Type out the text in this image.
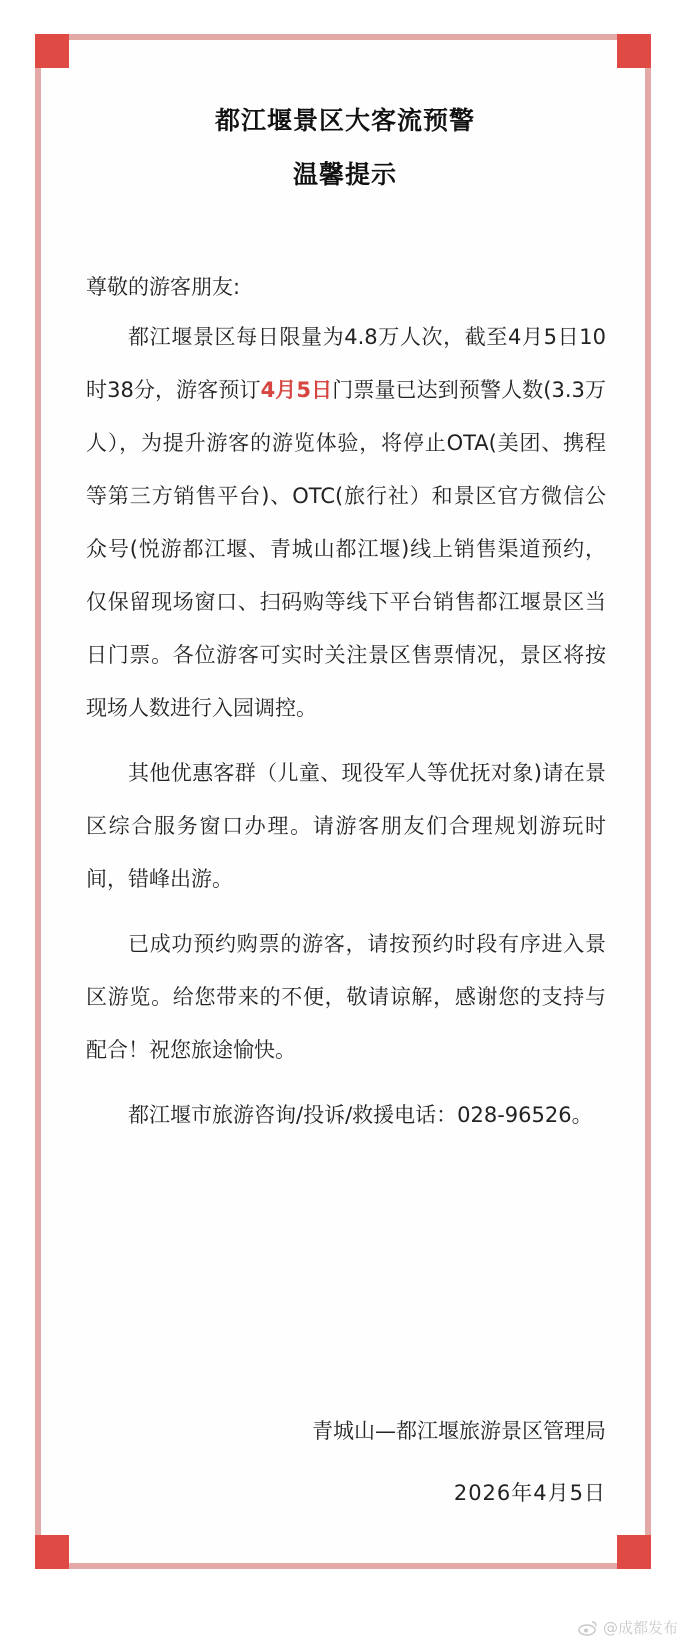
都江堰景区大客流预警
温馨提示

尊敬的游客朋友:

都江堰景区每日限量为4.8万人次，截至4月5日10时38分，游客预订4月5日门票量已达到预警人数(3.3万人），为提升游客的游览体验，将停止OTA(美团、携程等第三方销售平台)、OTC(旅行社）和景区官方微信公众号(悦游都江堰、青城山都江堰)线上销售渠道预约，仅保留现场窗口、扫码购等线下平台销售都江堰景区当日门票。各位游客可实时关注景区售票情况，景区将按现场人数进行入园调控。

其他优惠客群（儿童、现役军人等优抚对象)请在景区综合服务窗口办理。请游客朋友们合理规划游玩时间，错峰出游。

已成功预约购票的游客，请按预约时段有序进入景区游览。给您带来的不便，敬请谅解，感谢您的支持与配合！祝您旅途愉快。

都江堰市旅游咨询/投诉/救援电话：028-96526。

青城山—都江堰旅游景区管理局
2026年4月5日
@成都发布
